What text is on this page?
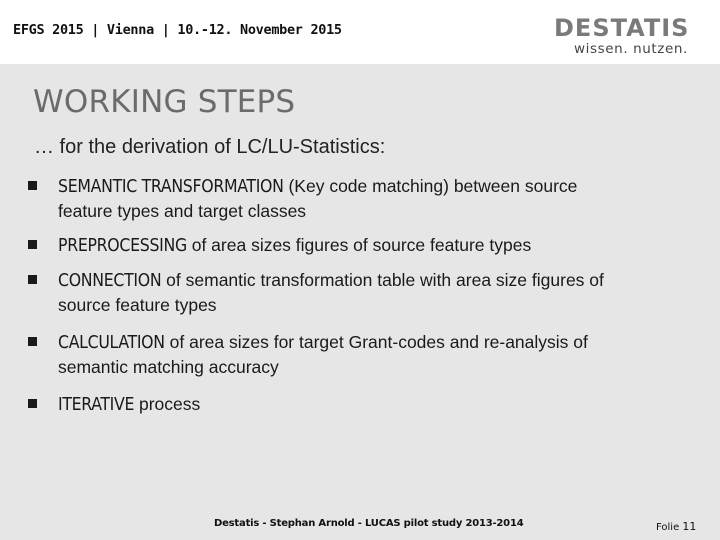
EFGS 2015 | Vienna | 10.-12. November 2015	DESTATIS
wissen. nutzen.
WORKING STEPS
… for the derivation of LC/LU-Statistics:
SEMANTIC TRANSFORMATION (Key code matching) between source
feature types and target classes
PREPROCESSING of area sizes figures of source feature types
CONNECTION of semantic transformation table with area size figures of
source feature types
CALCULATION of area sizes for target Grant-codes and re-analysis of
semantic matching accuracy
ITERATIVE process
Destatis - Stephan Arnold - LUCAS pilot study 2013-2014	Folie 11
